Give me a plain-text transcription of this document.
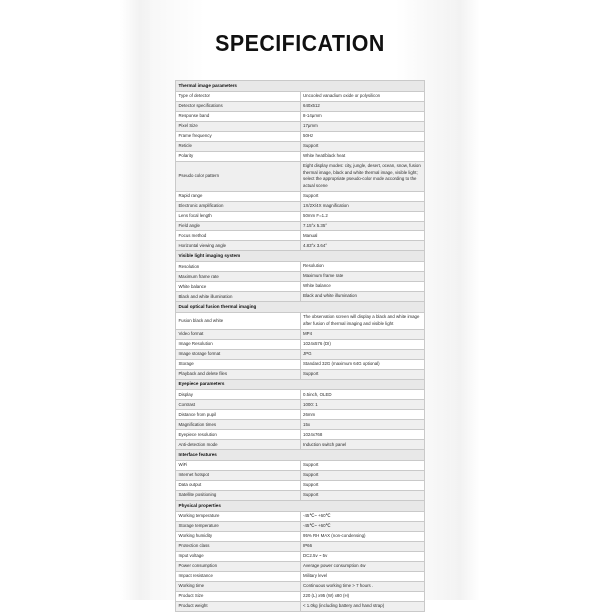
SPECIFICATION
Thermal image parameters	
Type of detector	Uncooled vanadium oxide or polysilicon
Detector specifications	640x512
Response band	8-14μmm
Pixel Size	17μmm
Frame frequency	50Hz
Reticle	Support
Polarity	White heat/black heat
Pseudo color pattern	Eight display modes: city, jungle, desert, ocean, snow, fusion thermal image, black and white thermal image, visible light; select the appropriate pseudo-color mode according to the actual scene
Rapid range	Support
Electronic amplification	1X/2X/4X magnification
Lens focal length	50mm F=1.2
Field angle	7.15°x 5.35°
Focus method	Manual
Horizontal viewing angle	4.83°x 3.64°
Visible light imaging system	
Resolution	Resolution
Maximum frame rate	Maximum frame rate
White balance	White balance
Black and white illumination	Black and white illumination
Dual optical fusion thermal imaging	
Fusion black and white	The observation screen will display a black and white image after fusion of thermal imaging and visible light
Video format	MP4
Image Resolution	1024x576 (DI)
Image storage format	JPG
Storage	Standard 32G (maximum 64G optional)
Playback and delete files	Support
Eyepiece parameters	
Display	0.5inch, OLED
Contrast	1000: 1
Distance from pupil	26mm
Magnification times	15x
Eyepiece resolution	1024x768
Anti-detection mode	Induction switch panel
Interface features	
WiFi	Support
Internet hotspot	Support
Data output	Support
Satellite positioning	Support
Physical properties	
Working temperature	-45℃~ +60℃
Storage temperature	-45℃~ +60℃
Working humidity	95% RH MAX (non-condensing)
Protection class	IP66
Input voltage	DC2.5v ~ 5v
Power consumption	Average power consumption 4w
Impact resistance	Military level
Working time	Continuous working time > 7 hours .
Product Size	220 (L) x95 (W) x80 (H)
Product weight	< 1.0kg (including battery and hand strap)
